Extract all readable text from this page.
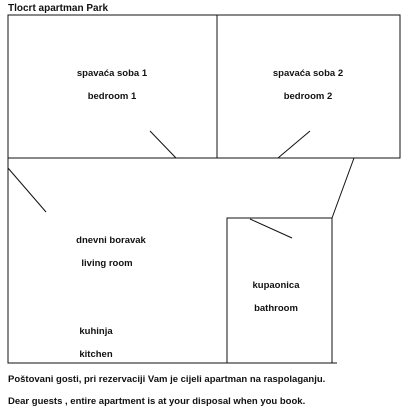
Tlocrt apartman Park
spavaća soba 1
bedroom 1
spavaća soba 2
bedroom 2
dnevni boravak
living room
kupaonica
bathroom
kuhinja
kitchen
Poštovani gosti, pri rezervaciji Vam je cijeli apartman na raspolaganju.
Dear guests , entire apartment is at your disposal when you book.
